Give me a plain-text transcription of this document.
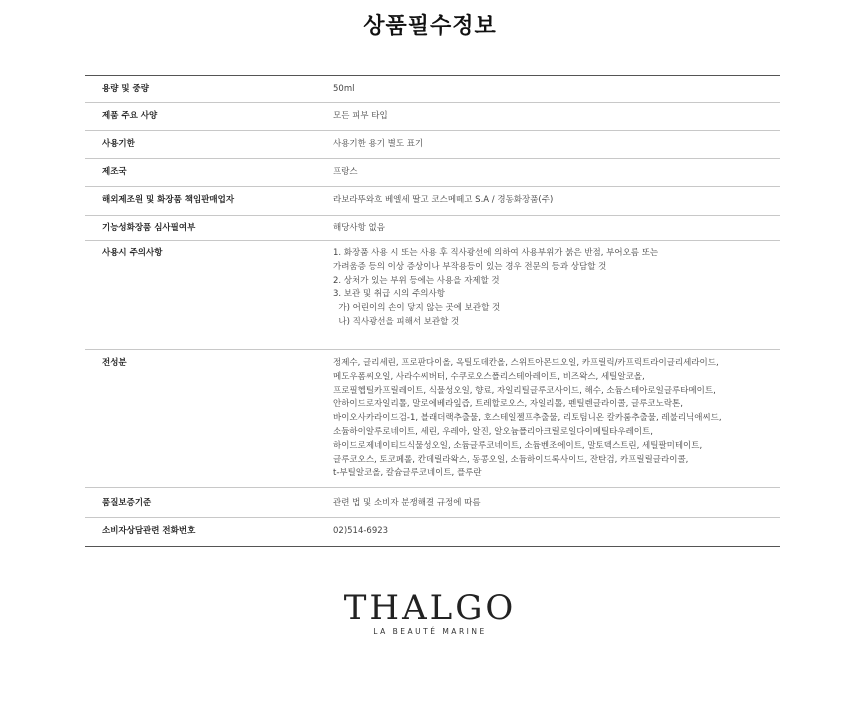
상품필수정보
용량 및 중량	50ml
제품 주요 사양	모든 피부 타입
사용기한	사용기한 용기 별도 표기
제조국	프랑스
해외제조원 및 화장품 책임판매업자	라보라뚜와흐 베엘세 딸고 코스메떼고 S.A / 경동화장품(주)
기능성화장품 심사필여부	해당사항 없음
사용시 주의사항	1. 화장품 사용 시 또는 사용 후 직사광선에 의하여 사용부위가 붉은 반점, 부어오름 또는
가려움증 등의 이상 증상이나 부작용등이 있는 경우 전문의 등과 상담할 것
2. 상처가 있는 부위 등에는 사용을 자제할 것
3. 보관 및 취급 시의 주의사항
가) 어린이의 손이 닿지 않는 곳에 보관할 것
나) 직사광선을 피해서 보관할 것
전성분	정제수, 글리세린, 프로판다이올, 옥틸도데칸올, 스위트아몬드오일, 카프릴릭/카프릭트라이글리세라이드,
메도우폼씨오일, 사라수씨버터, 수쿠로오스폴리스테아레이트, 비즈왁스, 세틸알코올,
프로필헵틸카프릴레이트, 식물성오일, 향료, 자일리틸글루코사이드, 해수, 소듐스테아로일글루타메이트,
안하이드로자일리톨, 말로에베라잎즙, 트레할로오스, 자일리톨, 펜틸렌글라이콜, 글루코노락톤,
바이오사카라이드검-1, 블래더랙추출물, 호스테일젤프추출물, 리토팀니온 칼카룸추출물, 레불리닉애씨드,
소듐하이알루로네이트, 세린, 우레아, 알진, 알오늄폴리아크릴로일다이메틸타우레이트,
하이드로제네이티드식물성오일, 소듐글루코네이트, 소듐벤조에이트, 말토덱스트린, 세틸팔미테이트,
글루코오스, 토코페롤, 칸데릴라왁스, 동콩오일, 소듐하이드록사이드, 잔탄검, 카프릴릴글라이콜,
t-부틸알코올, 칼슘글루코네이트, 플루란
품질보증기준	관련 법 및 소비자 분쟁해결 규정에 따름
소비자상담관련 전화번호	02)514-6923
THALGO
LA BEAUTÉ MARINE
